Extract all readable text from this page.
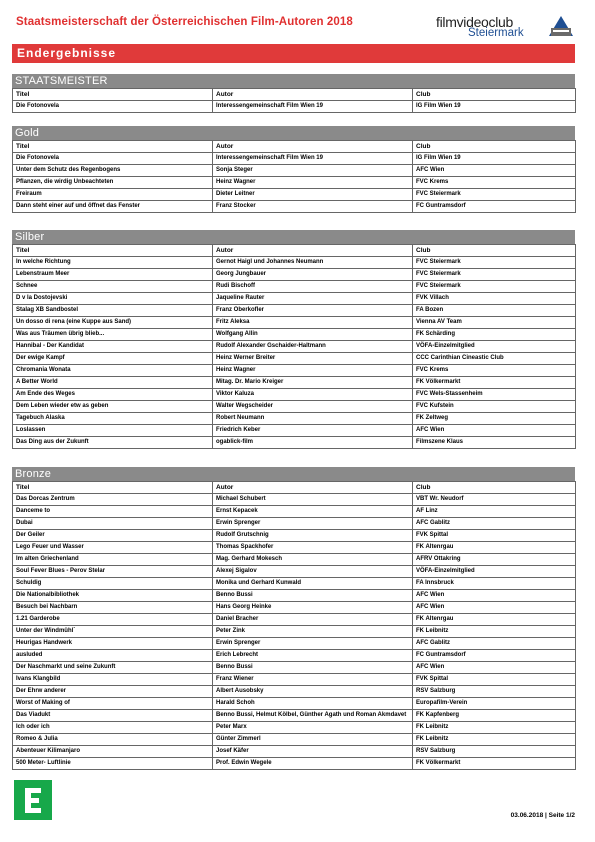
Staatsmeisterschaft der Österreichischen Film-Autoren 2018	filmvideoclub
Steiermark
Endergebnisse
STAATSMEISTER
Titel	Autor	Club
Die Fotonovela	Interessengemeinschaft Film Wien 19	IG Film Wien 19
Gold
Titel	Autor	Club
Die Fotonovela	Interessengemeinschaft Film Wien 19	IG Film Wien 19
Unter dem Schutz des Regenbogens	Sonja Steger	AFC Wien
Pflanzen, die wirdig Unbeachteten	Heinz Wagner	FVC Krems
Freiraum	Dieter Leitner	FVC Steiermark
Dann steht einer auf und öffnet das Fenster	Franz Stocker	FC Guntramsdorf
Silber
Titel	Autor	Club
In welche Richtung	Gernot Haigl und Johannes Neumann	FVC Steiermark
Lebenstraum Meer	Georg Jungbauer	FVC Steiermark
Schnee	Rudi Bischoff	FVC Steiermark
D v la Dostojevski	Jaqueline Rauter	FVK Villach
Stalag XB Sandbostel	Franz Oberkofler	FA Bozen
Un dosso di rena (eine Kuppe aus Sand)	Fritz Aleksa	Vienna AV Team
Was aus Träumen übrig blieb...	Wolfgang Allin	FK Schärding
Hannibal - Der Kandidat	Rudolf Alexander Gschaider-Haltmann	VÖFA-Einzelmitglied
Der ewige Kampf	Heinz Werner Breiter	CCC Carinthian Cineastic Club
Chromania Wonata	Heinz Wagner	FVC Krems
A Better World	Mitag. Dr. Mario Kreiger	FK Völkermarkt
Am Ende des Weges	Viktor Kaluza	FVC Wels-Stassenheim
Dem Leben wieder etw as geben	Walter Wegscheider	FVC Kufstein
Tagebuch Alaska	Robert Neumann	FK Zeltweg
Loslassen	Friedrich Keber	AFC Wien
Das Ding aus der Zukunft	ogablick-film	Filmszene Klaus
Bronze
Titel	Autor	Club
Das Dorcas Zentrum	Michael Schubert	VBT Wr. Neudorf
Danceme to	Ernst Kepacek	AF Linz
Dubai	Erwin Sprenger	AFC Gablitz
Der Geiler	Rudolf Grutschnig	FVK Spittal
Lego Feuer und Wasser	Thomas Spackhofer	FK Altenrgau
Im alten Griechenland	Mag. Gerhard Mokesch	AFRV Ottakring
Soul Fever Blues - Perov Stelar	Alexej Sigalov	VÖFA-Einzelmitglied
Schuldig	Monika und Gerhard Kunwald	FA Innsbruck
Die Nationalbibliothek	Benno Bussi	AFC Wien
Besuch bei Nachbarn	Hans Georg Heinke	AFC Wien
1.21 Garderobe	Daniel Bracher	FK Altenrgau
Unter der Windmühl´	Peter Zink	FK Leibnitz
Heurigas Handwerk	Erwin Sprenger	AFC Gablitz
ausluded	Erich Lebrecht	FC Guntramsdorf
Der Naschmarkt und seine Zukunft	Benno Bussi	AFC Wien
Ivans Klangbild	Franz Wiener	FVK Spittal
Der Ehrw anderer	Albert Ausobsky	RSV Salzburg
Worst of Making of	Harald Schoh	Europafilm-Verein
Das Viadukt	Benno Bussi, Helmut Kölbel, Günther Agath und Roman Akmdavet	FK Kapfenberg
Ich oder ich	Peter Marx	FK Leibnitz
Romeo & Julia	Günter Zimmerl	FK Leibnitz
Abenteuer Kilimanjaro	Josef Käfer	RSV Salzburg
500 Meter- Luftlinie	Prof. Edwin Wegele	FK Völkermarkt
03.06.2018 | Seite 1/2
